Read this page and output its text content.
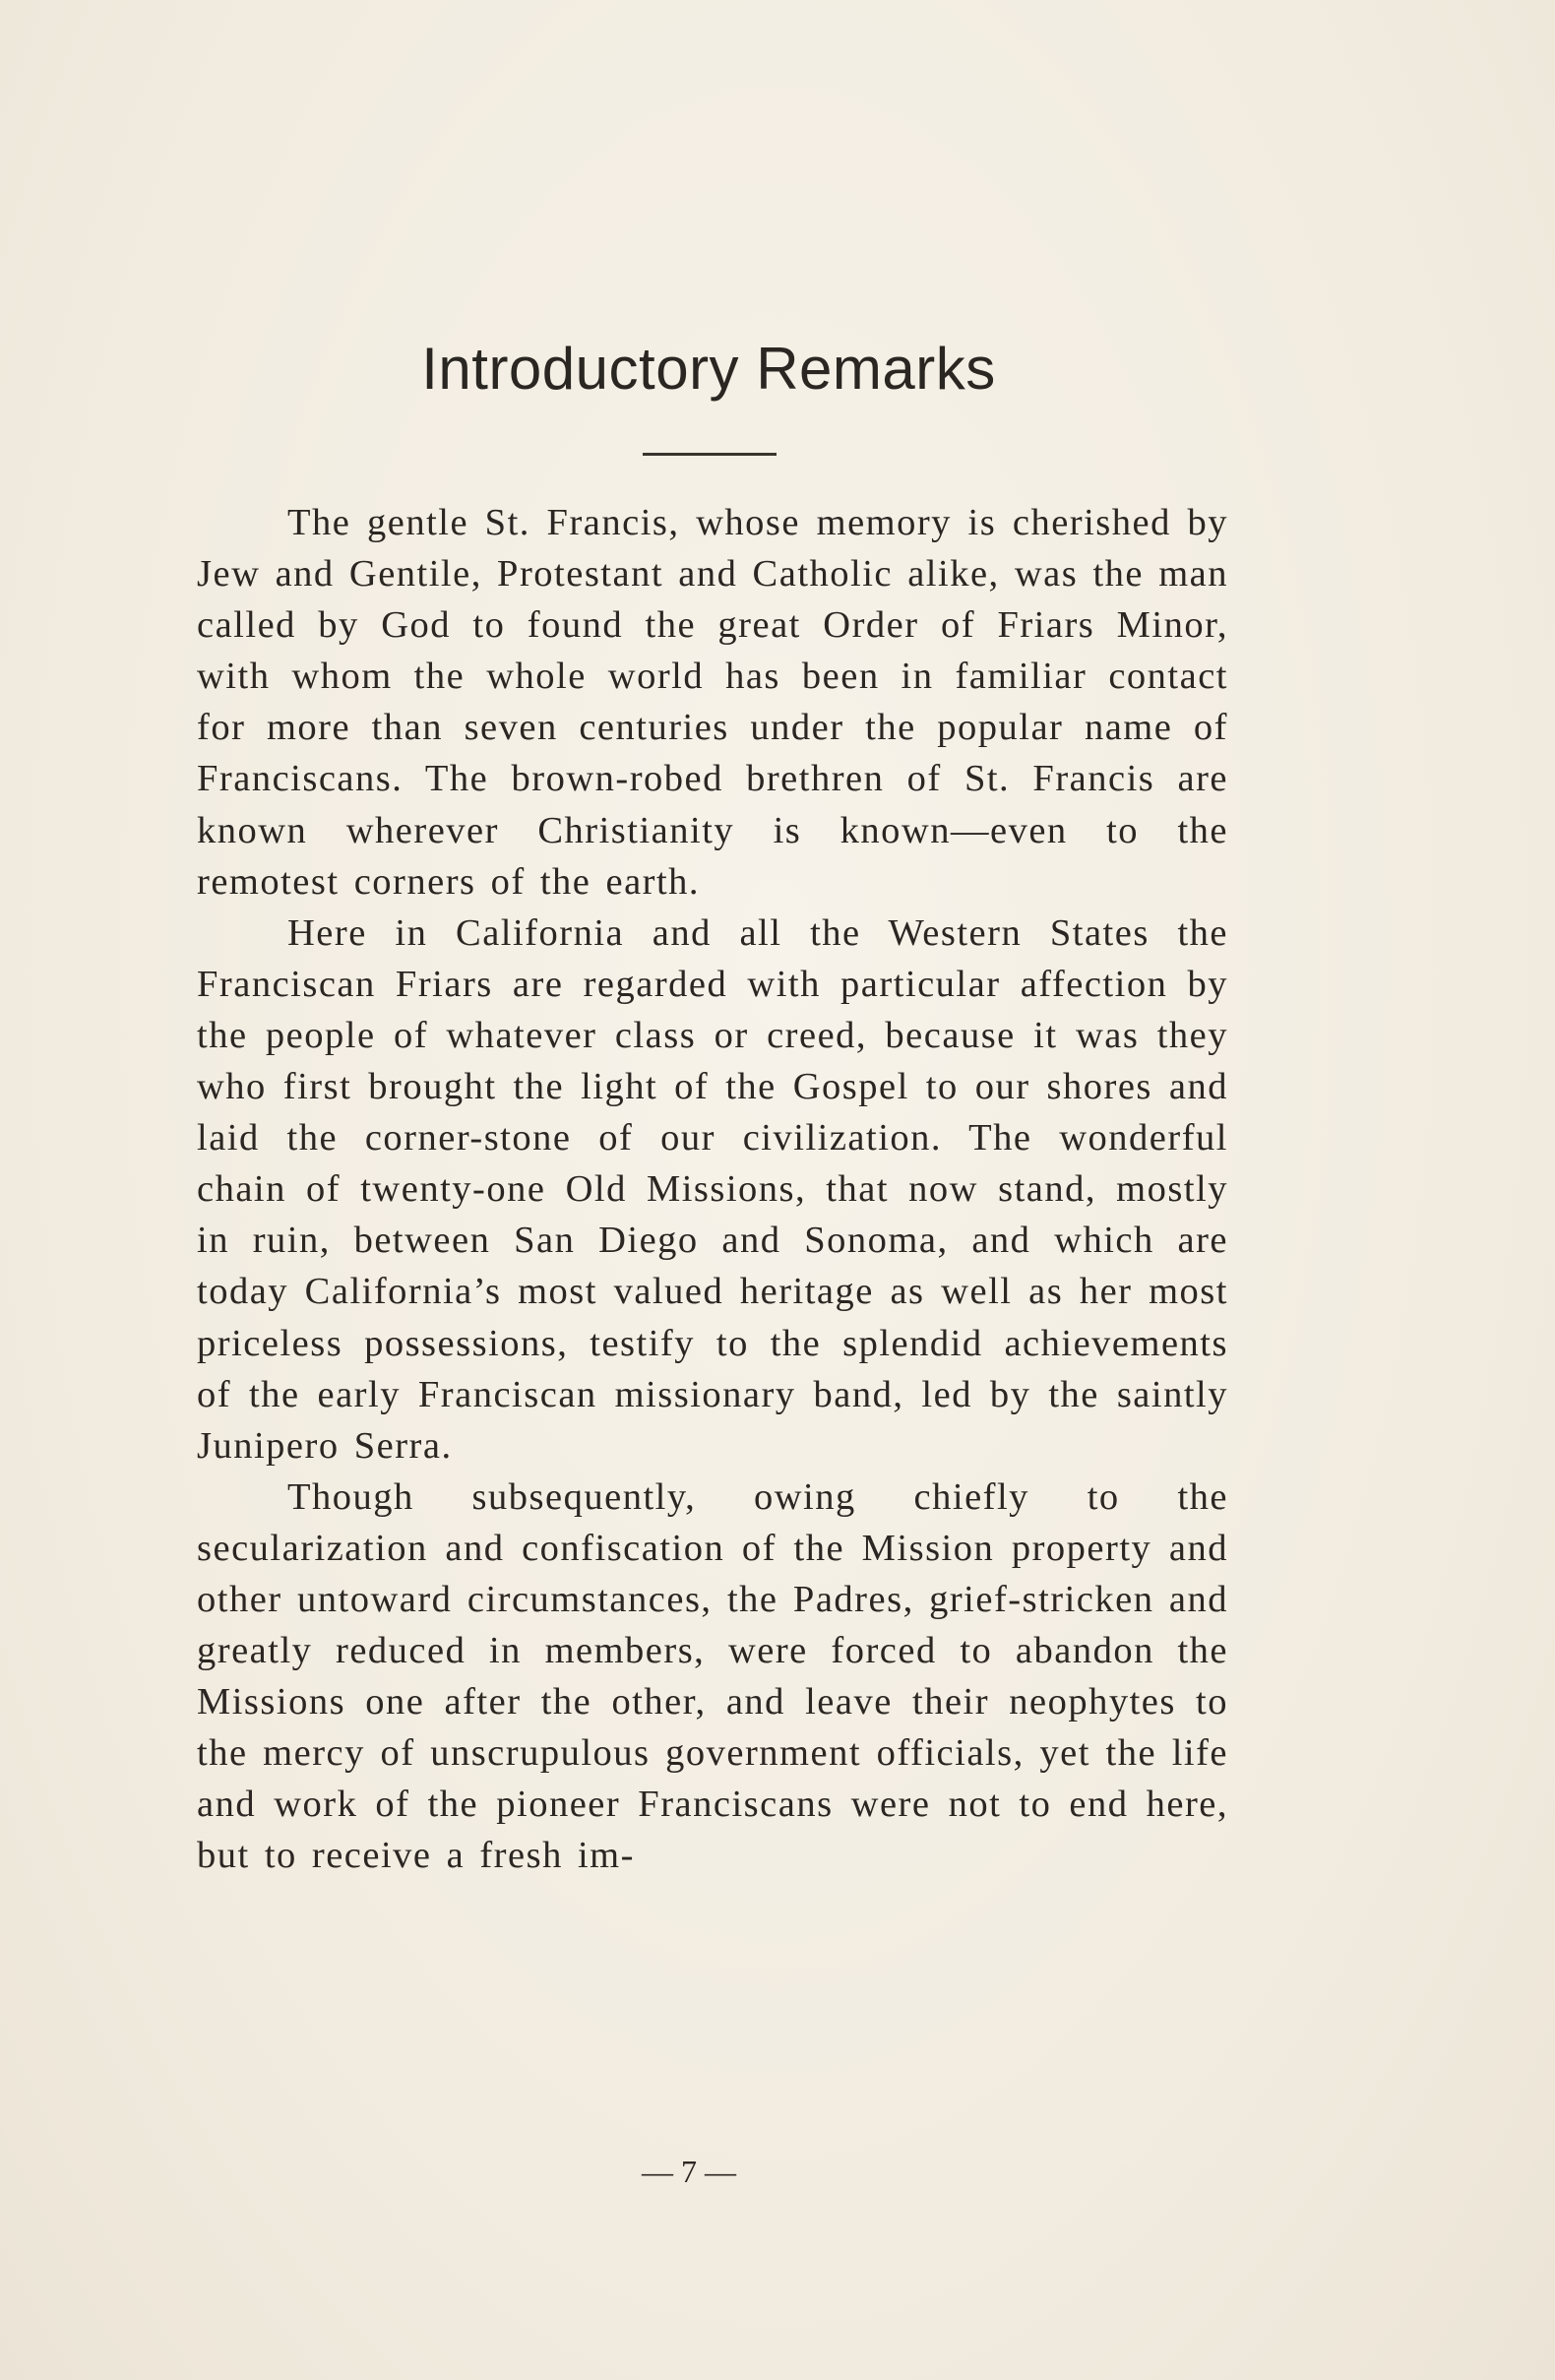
Introductory Remarks

The gentle St. Francis, whose memory is cherished by Jew and Gentile, Protestant and Catholic alike, was the man called by God to found the great Order of Friars Minor, with whom the whole world has been in familiar contact for more than seven centuries under the popular name of Franciscans. The brown-robed brethren of St. Francis are known wherever Christianity is known—even to the remotest corners of the earth.

Here in California and all the Western States the Franciscan Friars are regarded with particular affection by the people of whatever class or creed, because it was they who first brought the light of the Gospel to our shores and laid the corner-stone of our civilization. The wonderful chain of twenty-one Old Missions, that now stand, mostly in ruin, between San Diego and Sonoma, and which are today California’s most valued heritage as well as her most priceless possessions, testify to the splendid achievements of the early Franciscan missionary band, led by the saintly Junipero Serra.

Though subsequently, owing chiefly to the secularization and confiscation of the Mission property and other untoward circumstances, the Padres, grief-stricken and greatly reduced in members, were forced to abandon the Missions one after the other, and leave their neophytes to the mercy of unscrupulous government officials, yet the life and work of the pioneer Franciscans were not to end here, but to receive a fresh im-

— 7 —
